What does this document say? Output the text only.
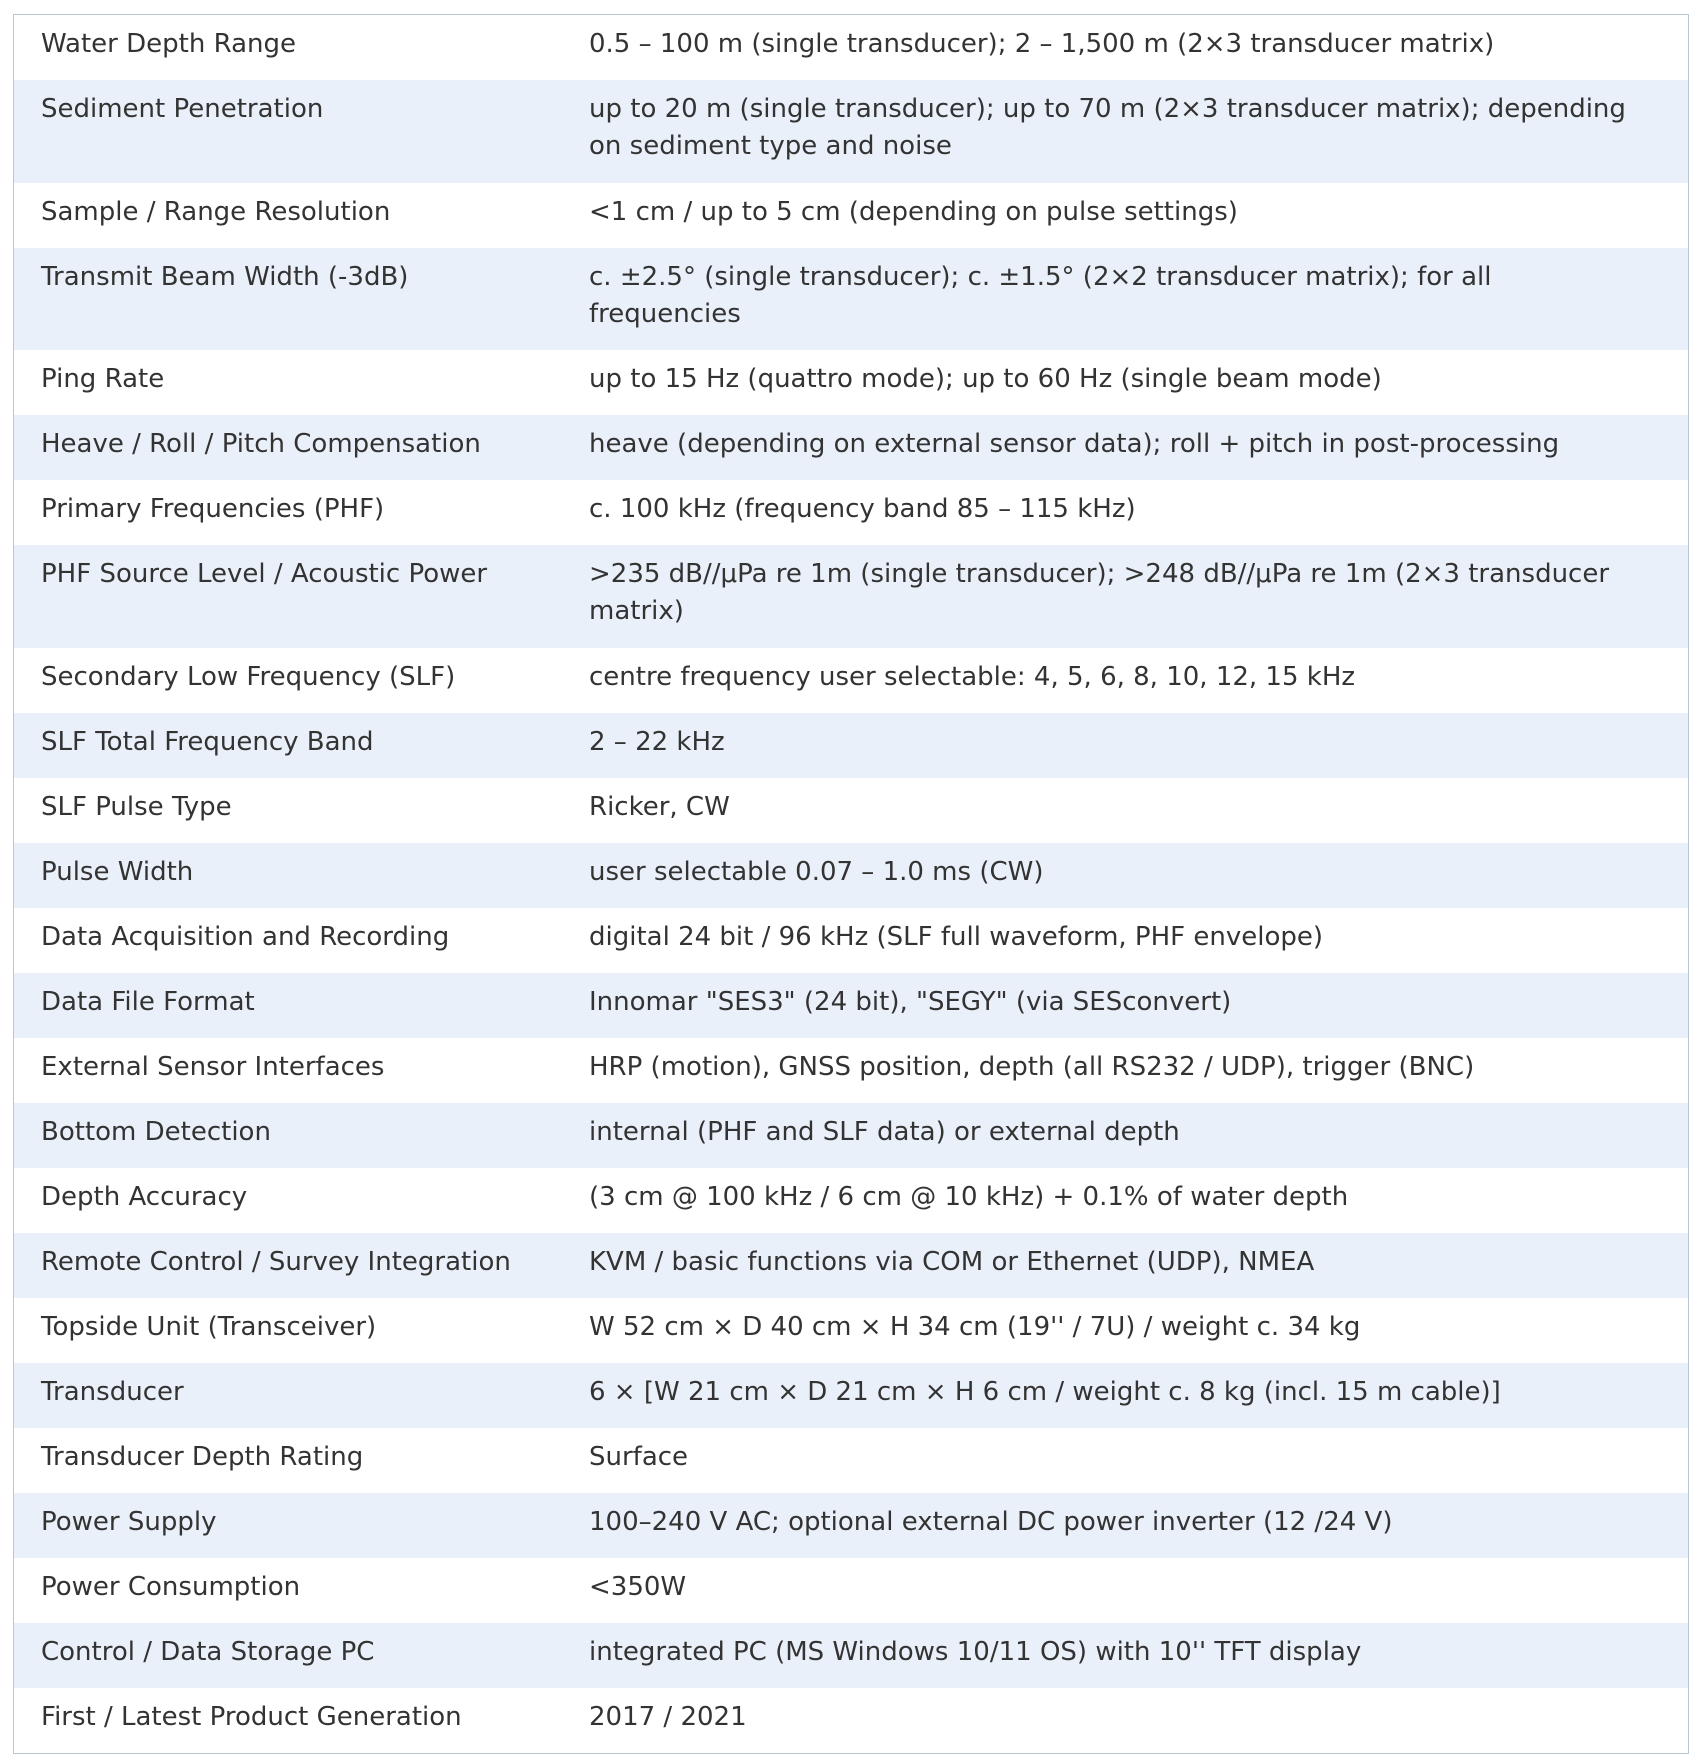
Water Depth Range	0.5 – 100 m (single transducer); 2 – 1,500 m (2×3 transducer matrix)
Sediment Penetration	up to 20 m (single transducer); up to 70 m (2×3 transducer matrix); depending on sediment type and noise
Sample / Range Resolution	<1 cm / up to 5 cm (depending on pulse settings)
Transmit Beam Width (-3dB)	c. ±2.5° (single transducer); c. ±1.5° (2×2 transducer matrix); for all frequencies
Ping Rate	up to 15 Hz (quattro mode); up to 60 Hz (single beam mode)
Heave / Roll / Pitch Compensation	heave (depending on external sensor data); roll + pitch in post-processing
Primary Frequencies (PHF)	c. 100 kHz (frequency band 85 – 115 kHz)
PHF Source Level / Acoustic Power	>235 dB//μPa re 1m (single transducer); >248 dB//μPa re 1m (2×3 transducer matrix)
Secondary Low Frequency (SLF)	centre frequency user selectable: 4, 5, 6, 8, 10, 12, 15 kHz
SLF Total Frequency Band	2 – 22 kHz
SLF Pulse Type	Ricker, CW
Pulse Width	user selectable 0.07 – 1.0 ms (CW)
Data Acquisition and Recording	digital 24 bit / 96 kHz (SLF full waveform, PHF envelope)
Data File Format	Innomar "SES3" (24 bit), "SEGY" (via SESconvert)
External Sensor Interfaces	HRP (motion), GNSS position, depth (all RS232 / UDP), trigger (BNC)
Bottom Detection	internal (PHF and SLF data) or external depth
Depth Accuracy	(3 cm @ 100 kHz / 6 cm @ 10 kHz) + 0.1% of water depth
Remote Control / Survey Integration	KVM / basic functions via COM or Ethernet (UDP), NMEA
Topside Unit (Transceiver)	W 52 cm × D 40 cm × H 34 cm (19'' / 7U) / weight c. 34 kg
Transducer	6 × [W 21 cm × D 21 cm × H 6 cm / weight c. 8 kg (incl. 15 m cable)]
Transducer Depth Rating	Surface
Power Supply	100–240 V AC; optional external DC power inverter (12 /24 V)
Power Consumption	<350W
Control / Data Storage PC	integrated PC (MS Windows 10/11 OS) with 10'' TFT display
First / Latest Product Generation	2017 / 2021
